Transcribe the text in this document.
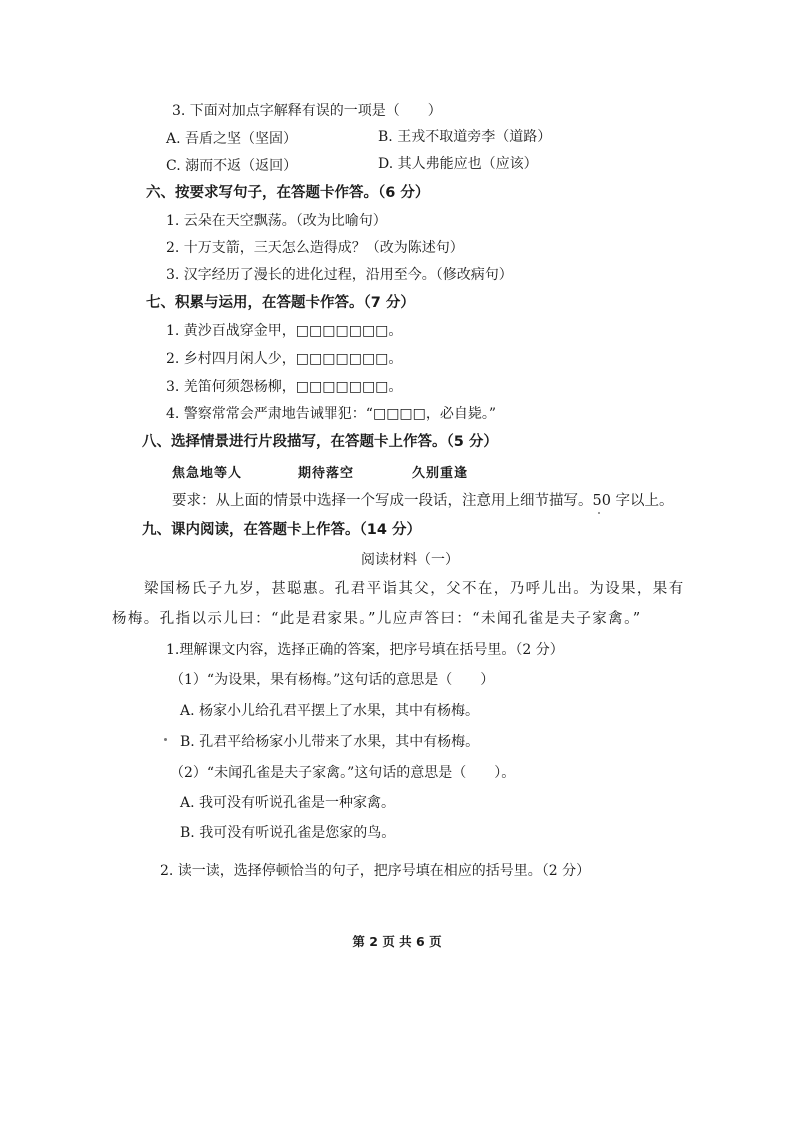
3. 下面对加点字解释有误的一项是（　　）
A. 吾盾之坚（坚固）	B. 王戎不取道旁李（道路）
C. 溺而不返（返回）	D. 其人弗能应也（应该）
六、按要求写句子，在答题卡作答。（6 分）
1. 云朵在天空飘荡。（改为比喻句）
2. 十万支箭，三天怎么造得成？（改为陈述句）
3. 汉字经历了漫长的进化过程，沿用至今。（修改病句）
七、积累与运用，在答题卡作答。（7 分）
1. 黄沙百战穿金甲，□□□□□□□。
2. 乡村四月闲人少，□□□□□□□。
3. 羌笛何须怨杨柳，□□□□□□□。
4. 警察常常会严肃地告诫罪犯：“□□□□，必自毙。”
八、选择情景进行片段描写，在答题卡上作答。（5 分）
焦急地等人	期待落空	久别重逢
要求：从上面的情景中选择一个写成一段话，注意用上细节描写。50 字以上。
九、课内阅读，在答题卡上作答。（14 分）
阅读材料（一）
梁国杨氏子九岁，甚聪惠。孔君平诣其父，父不在，乃呼儿出。为设果，果有
杨梅。孔指以示儿曰：“此是君家果。”儿应声答曰：“未闻孔雀是夫子家禽。”
1.理解课文内容，选择正确的答案，把序号填在括号里。（2 分）
（1）“为设果，果有杨梅。”这句话的意思是（　　）
A. 杨家小儿给孔君平摆上了水果，其中有杨梅。
B. 孔君平给杨家小儿带来了水果，其中有杨梅。
（2）“未闻孔雀是夫子家禽。”这句话的意思是（　　）。
A. 我可没有听说孔雀是一种家禽。
B. 我可没有听说孔雀是您家的鸟。
2. 读一读，选择停顿恰当的句子，把序号填在相应的括号里。（2 分）
第 2 页 共 6 页
